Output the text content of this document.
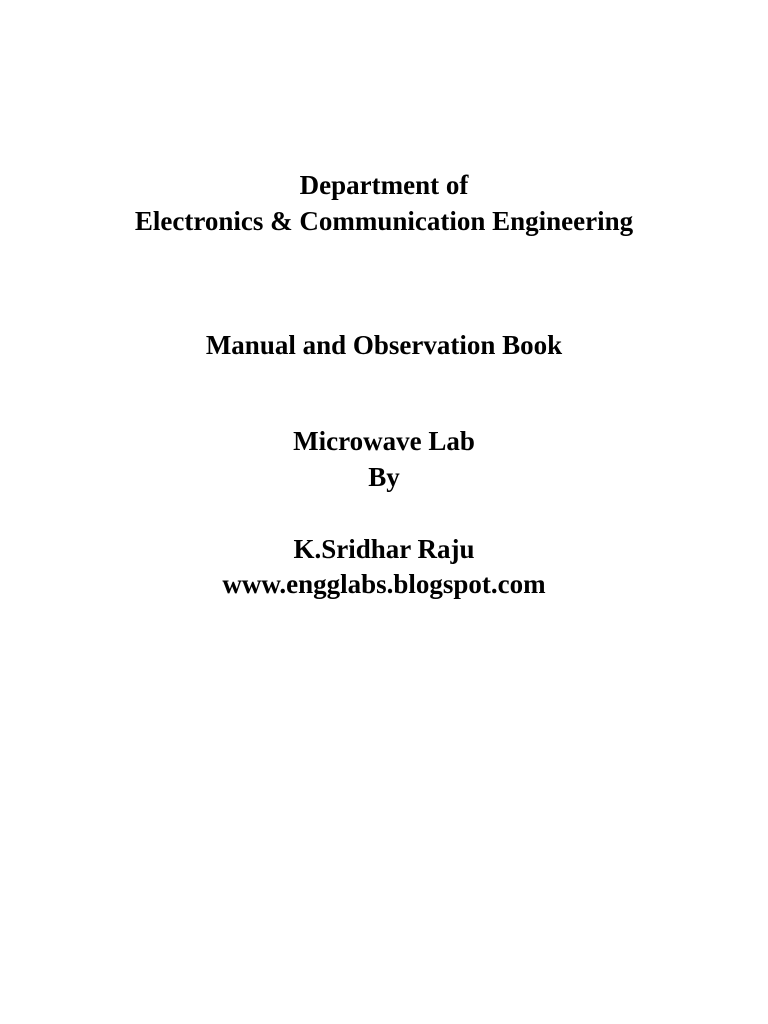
Department of
Electronics & Communication Engineering
Manual and Observation Book
Microwave Lab
By
K.Sridhar Raju
www.engglabs.blogspot.com
